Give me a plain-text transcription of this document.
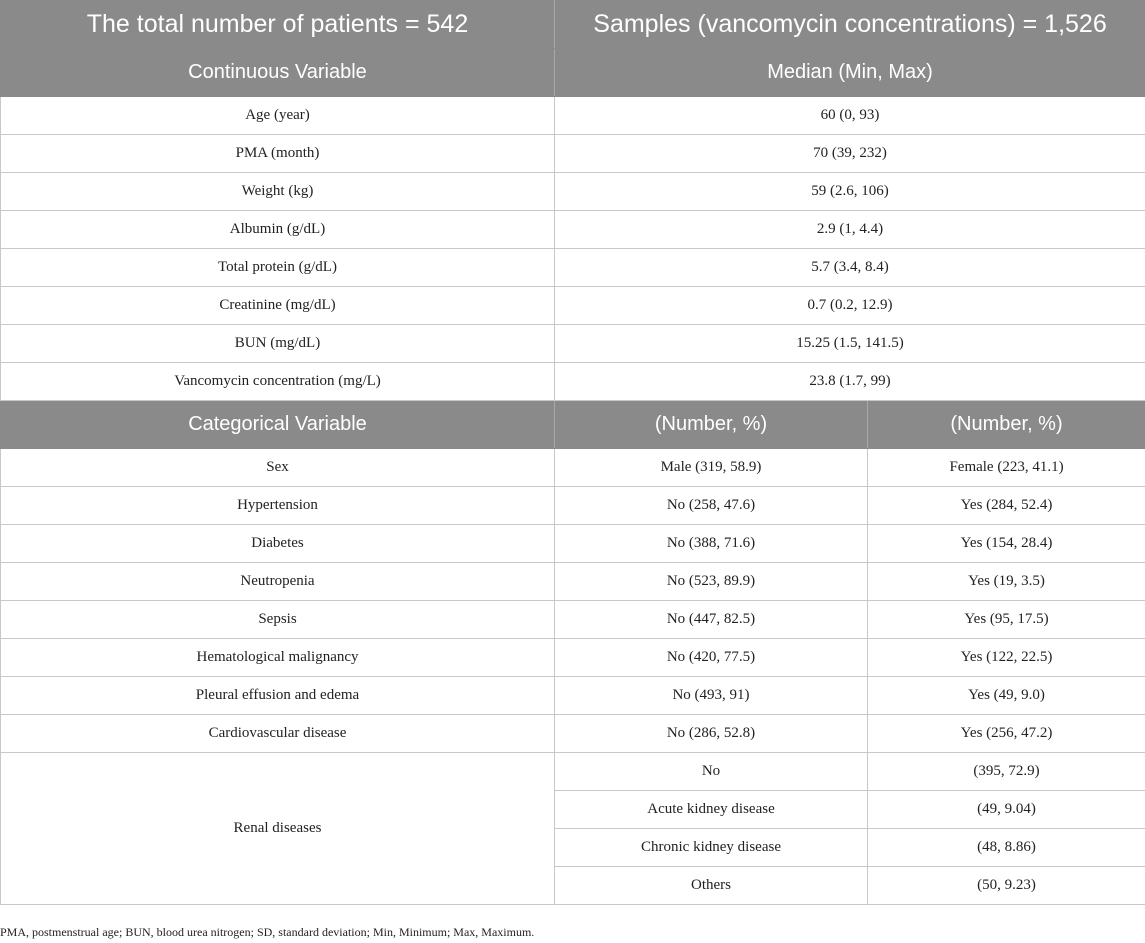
The total number of patients = 542	Samples (vancomycin concentrations) = 1,526	
Continuous Variable	Median (Min, Max)	
Age (year)	60 (0, 93)	
PMA (month)	70 (39, 232)	
Weight (kg)	59 (2.6, 106)	
Albumin (g/dL)	2.9 (1, 4.4)	
Total protein (g/dL)	5.7 (3.4, 8.4)	
Creatinine (mg/dL)	0.7 (0.2, 12.9)	
BUN (mg/dL)	15.25 (1.5, 141.5)	
Vancomycin concentration (mg/L)	23.8 (1.7, 99)	
Categorical Variable	(Number, %)	(Number, %)
Sex	Male (319, 58.9)	Female (223, 41.1)
Hypertension	No (258, 47.6)	Yes (284, 52.4)
Diabetes	No (388, 71.6)	Yes (154, 28.4)
Neutropenia	No (523, 89.9)	Yes (19, 3.5)
Sepsis	No (447, 82.5)	Yes (95, 17.5)
Hematological malignancy	No (420, 77.5)	Yes (122, 22.5)
Pleural effusion and edema	No (493, 91)	Yes (49, 9.0)
Cardiovascular disease	No (286, 52.8)	Yes (256, 47.2)
Renal diseases	No	(395, 72.9)
	Acute kidney disease	(49, 9.04)
	Chronic kidney disease	(48, 8.86)
	Others	(50, 9.23)
PMA, postmenstrual age; BUN, blood urea nitrogen; SD, standard deviation; Min, Minimum; Max, Maximum.
